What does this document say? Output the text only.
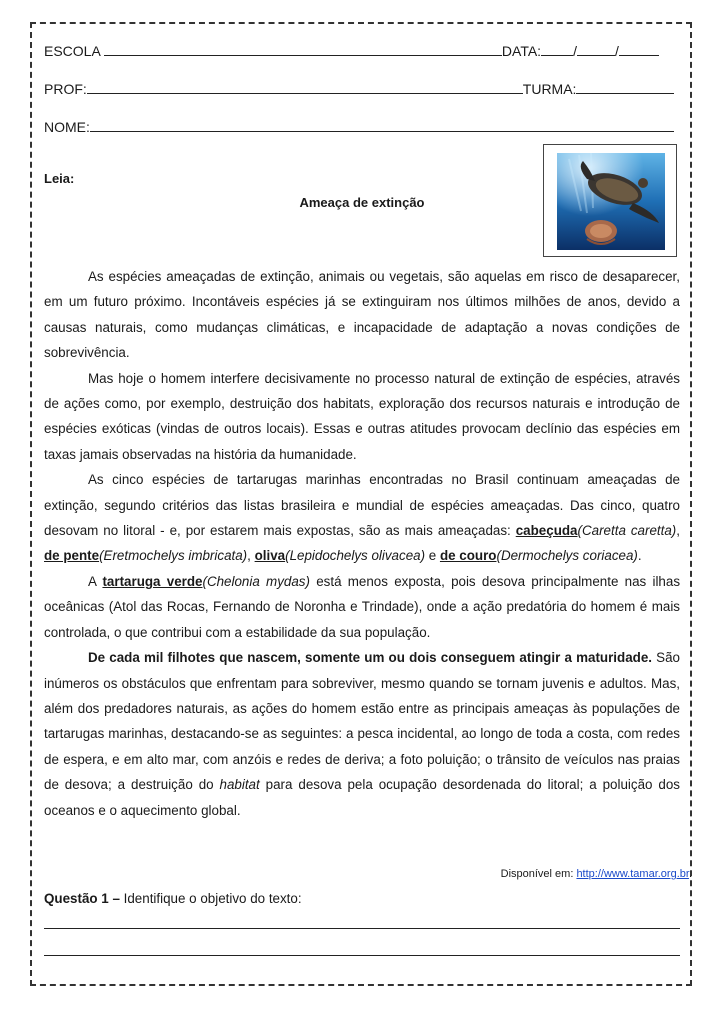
ESCOLA	DATA: /	/
PROF:	TURMA:
NOME:
Leia:
Ameaça de extinção

As espécies ameaçadas de extinção, animais ou vegetais, são aquelas em risco de desaparecer, em um futuro próximo. Incontáveis espécies já se extinguiram nos últimos milhões de anos, devido a causas naturais, como mudanças climáticas, e incapacidade de adaptação a novas condições de sobrevivência.

Mas hoje o homem interfere decisivamente no processo natural de extinção de espécies, através de ações como, por exemplo, destruição dos habitats, exploração dos recursos naturais e introdução de espécies exóticas (vindas de outros locais). Essas e outras atitudes provocam declínio das espécies em taxas jamais observadas na história da humanidade.

As cinco espécies de tartarugas marinhas encontradas no Brasil continuam ameaçadas de extinção, segundo critérios das listas brasileira e mundial de espécies ameaçadas. Das cinco, quatro desovam no litoral - e, por estarem mais expostas, são as mais ameaçadas: cabeçuda(Caretta caretta), de pente(Eretmochelys imbricata), oliva(Lepidochelys olivacea) e de couro(Dermochelys coriacea).

A tartaruga verde(Chelonia mydas) está menos exposta, pois desova principalmente nas ilhas oceânicas (Atol das Rocas, Fernando de Noronha e Trindade), onde a ação predatória do homem é mais controlada, o que contribui com a estabilidade da sua população.

De cada mil filhotes que nascem, somente um ou dois conseguem atingir a maturidade. São inúmeros os obstáculos que enfrentam para sobreviver, mesmo quando se tornam juvenis e adultos. Mas, além dos predadores naturais, as ações do homem estão entre as principais ameaças às populações de tartarugas marinhas, destacando-se as seguintes: a pesca incidental, ao longo de toda a costa, com redes de espera, e em alto mar, com anzóis e redes de deriva; a foto poluição; o trânsito de veículos nas praias de desova; a destruição do habitat para desova pela ocupação desordenada do litoral; a poluição dos oceanos e o aquecimento global.

Disponível em: http://www.tamar.org.br.
Questão 1 – Identifique o objetivo do texto:
